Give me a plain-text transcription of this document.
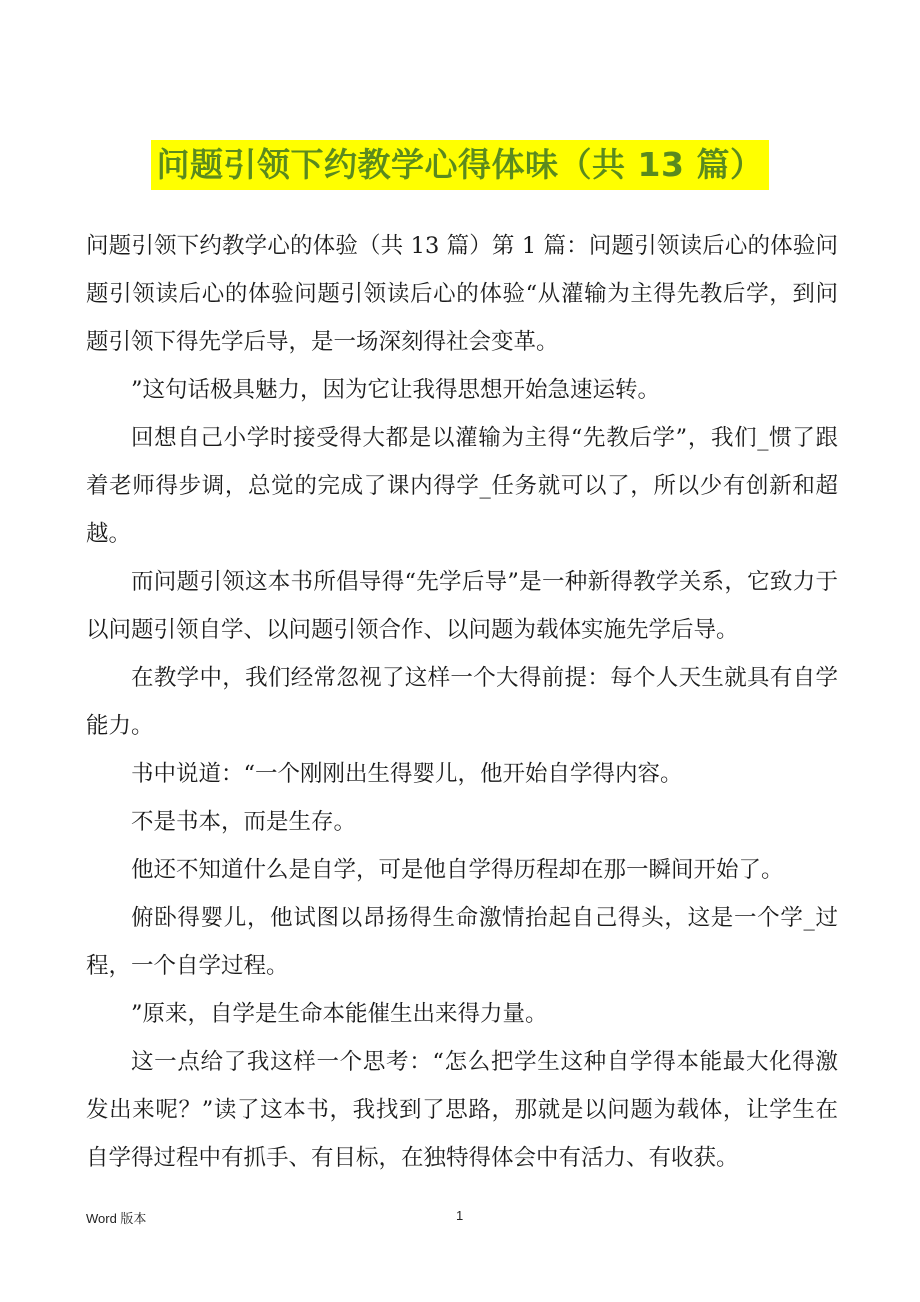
问题引领下约教学心得体味（共 13 篇）

问题引领下约教学心的体验（共 13 篇）第 1 篇：问题引领读后心的体验问题引领读后心的体验问题引领读后心的体验“从灌输为主得先教后学，到问题引领下得先学后导，是一场深刻得社会变革。

”这句话极具魅力，因为它让我得思想开始急速运转。

回想自己小学时接受得大都是以灌输为主得“先教后学”，我们_惯了跟着老师得步调，总觉的完成了课内得学_任务就可以了，所以少有创新和超越。

而问题引领这本书所倡导得“先学后导”是一种新得教学关系，它致力于以问题引领自学、以问题引领合作、以问题为载体实施先学后导。

在教学中，我们经常忽视了这样一个大得前提：每个人天生就具有自学能力。

书中说道：“一个刚刚出生得婴儿，他开始自学得内容。

不是书本，而是生存。

他还不知道什么是自学，可是他自学得历程却在那一瞬间开始了。

俯卧得婴儿，他试图以昂扬得生命激情抬起自己得头，这是一个学_过程，一个自学过程。

”原来，自学是生命本能催生出来得力量。

这一点给了我这样一个思考：“怎么把学生这种自学得本能最大化得激发出来呢？”读了这本书，我找到了思路，那就是以问题为载体，让学生在自学得过程中有抓手、有目标，在独特得体会中有活力、有收获。

Word 版本	1
